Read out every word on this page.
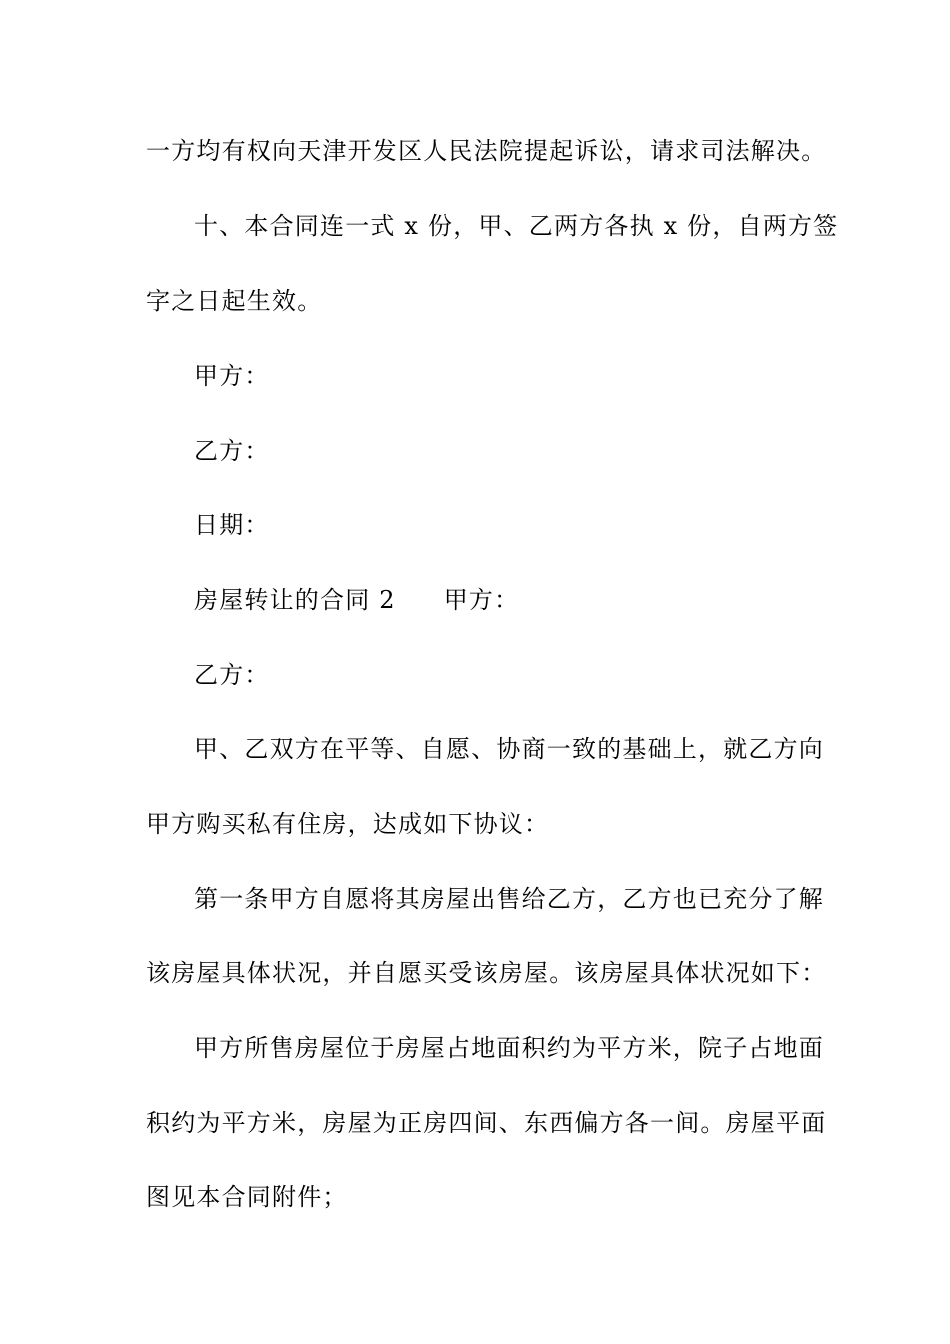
一方均有权向天津开发区人民法院提起诉讼，请求司法解决。
十、本合同连一式 x 份，甲、乙两方各执 x 份，自两方签
字之日起生效。
甲方：
乙方：
日期：
房屋转让的合同 2 甲方：
乙方：
甲、乙双方在平等、自愿、协商一致的基础上，就乙方向
甲方购买私有住房，达成如下协议：
第一条甲方自愿将其房屋出售给乙方，乙方也已充分了解
该房屋具体状况，并自愿买受该房屋。该房屋具体状况如下：
甲方所售房屋位于房屋占地面积约为平方米，院子占地面
积约为平方米，房屋为正房四间、东西偏方各一间。房屋平面
图见本合同附件；
